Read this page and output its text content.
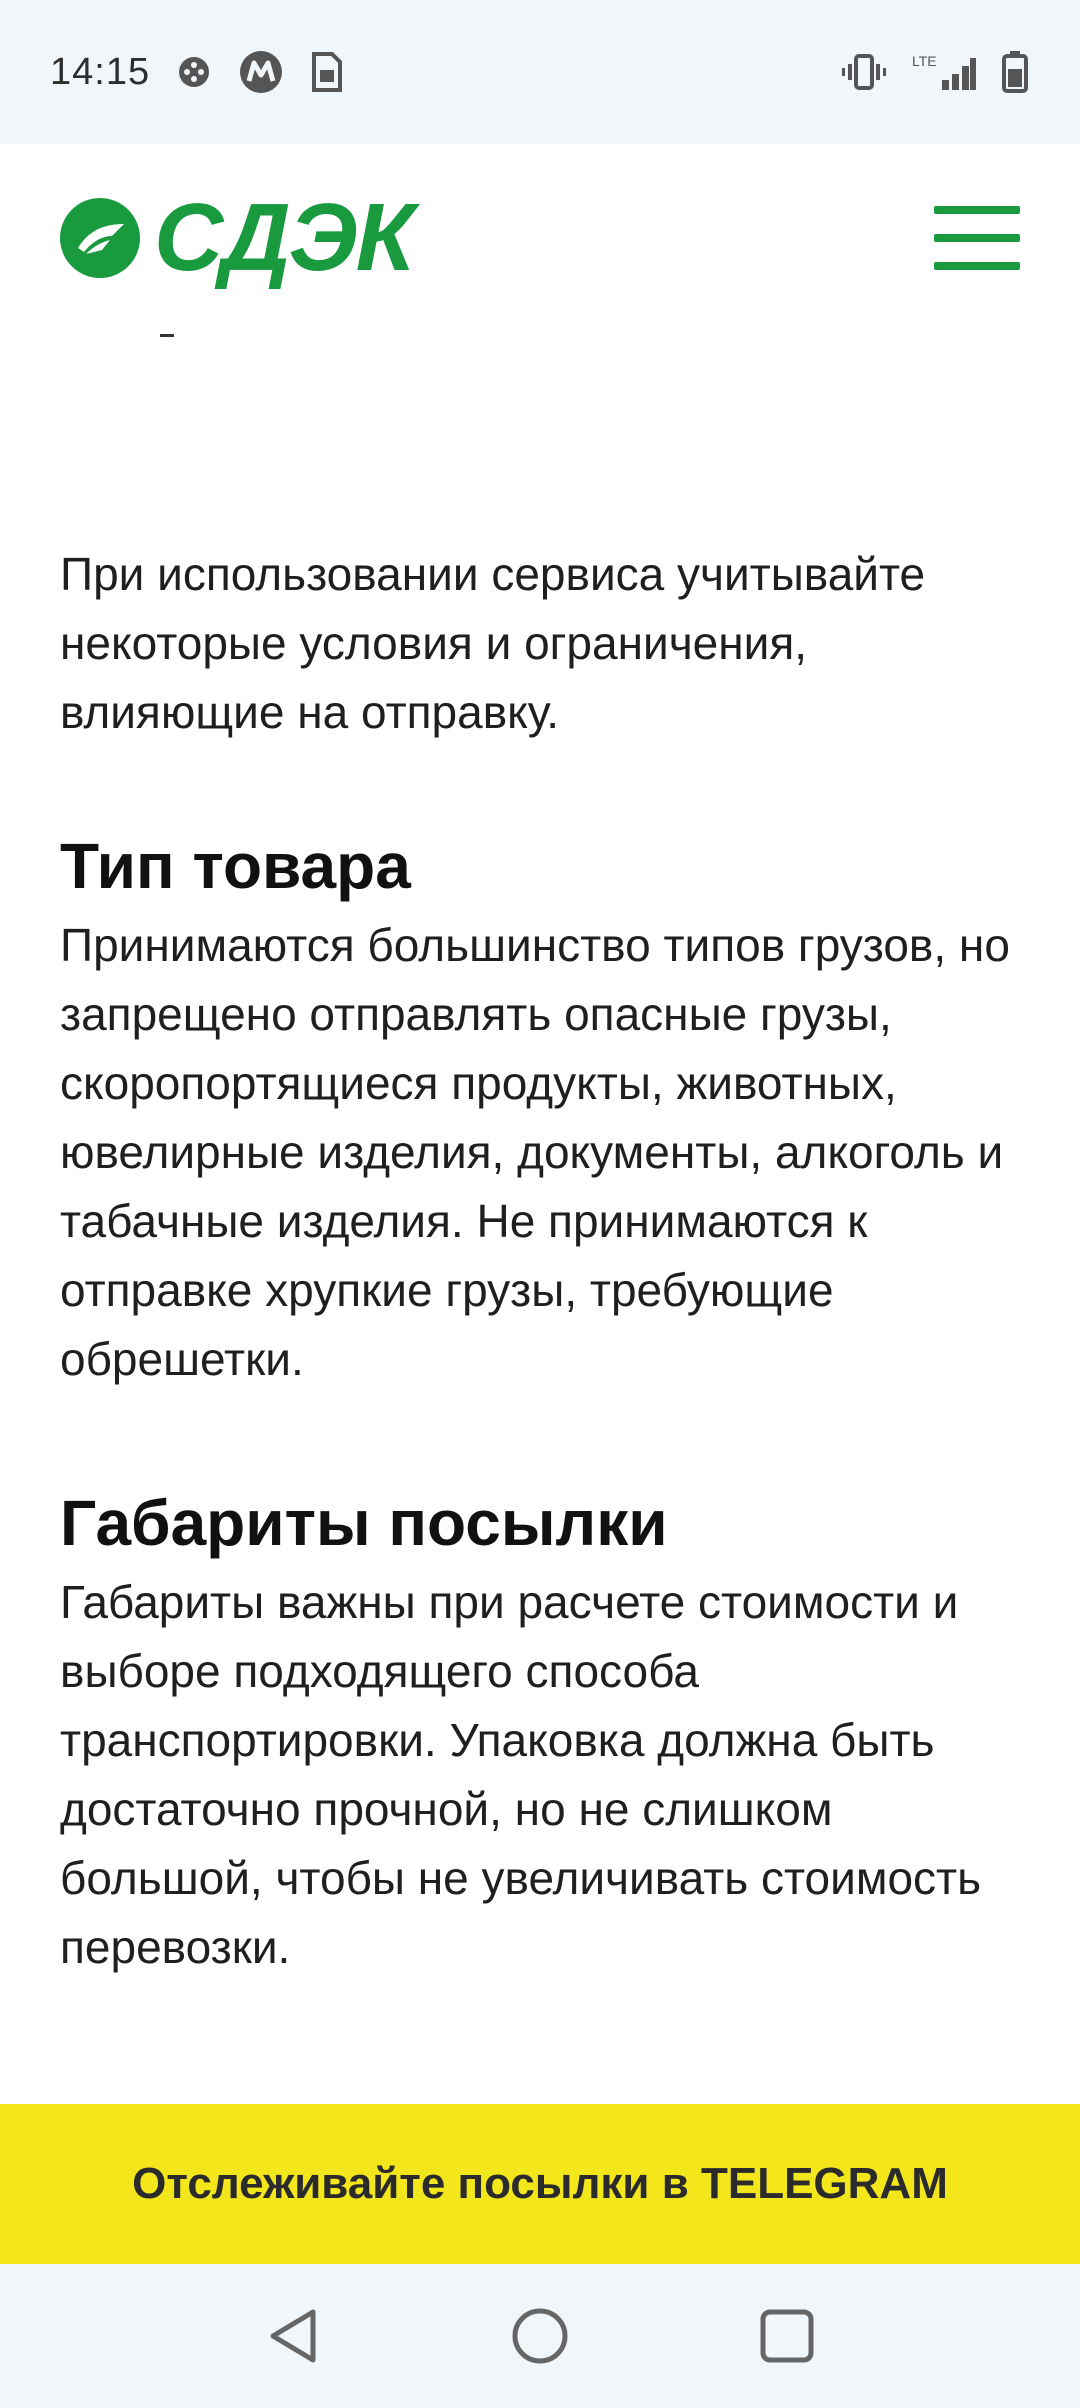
14:15	LTE
СДЭК

При использовании сервиса учитывайте некоторые условия и ограничения, влияющие на отправку.

Тип товара

Принимаются большинство типов грузов, но запрещено отправлять опасные грузы, скоропортящиеся продукты, животных, ювелирные изделия, документы, алкоголь и табачные изделия. Не принимаются к отправке хрупкие грузы, требующие обрешетки.

Габариты посылки

Габариты важны при расчете стоимости и выборе подходящего способа транспортировки. Упаковка должна быть достаточно прочной, но не слишком большой, чтобы не увеличивать стоимость перевозки.

Отслеживайте посылки в TELEGRAM
